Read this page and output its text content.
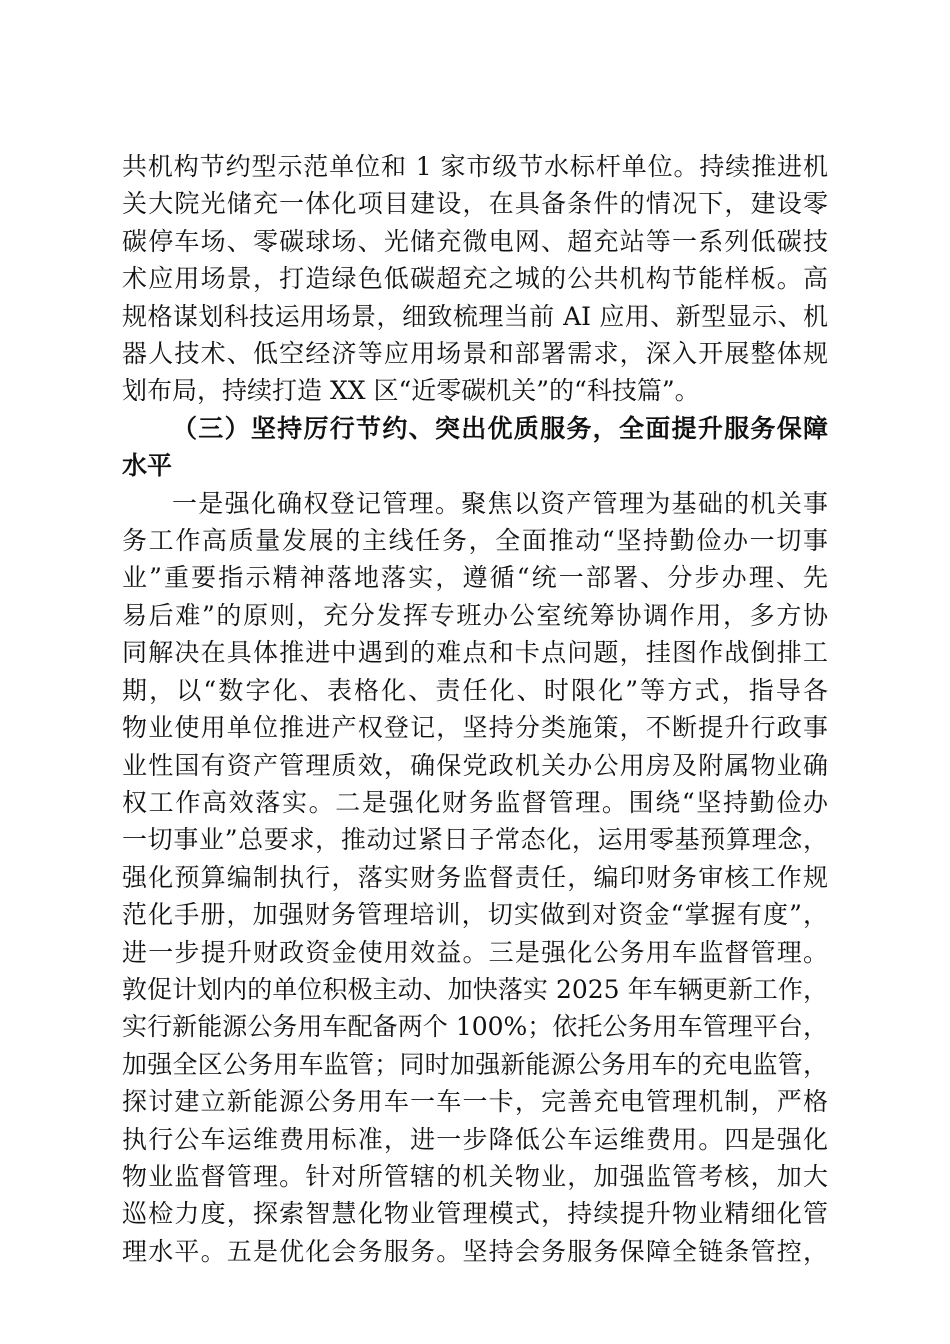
共机构节约型示范单位和 1 家市级节水标杆单位。持续推进机
关大院光储充一体化项目建设，在具备条件的情况下，建设零
碳停车场、零碳球场、光储充微电网、超充站等一系列低碳技
术应用场景，打造绿色低碳超充之城的公共机构节能样板。高
规格谋划科技运用场景，细致梳理当前 AI 应用、新型显示、机
器人技术、低空经济等应用场景和部署需求，深入开展整体规
划布局，持续打造 XX 区“近零碳机关”的“科技篇”。
（三）坚持厉行节约、突出优质服务，全面提升服务保障
水平
一是强化确权登记管理。聚焦以资产管理为基础的机关事
务工作高质量发展的主线任务，全面推动“坚持勤俭办一切事
业”重要指示精神落地落实，遵循“统一部署、分步办理、先
易后难”的原则，充分发挥专班办公室统筹协调作用，多方协
同解决在具体推进中遇到的难点和卡点问题，挂图作战倒排工
期，以“数字化、表格化、责任化、时限化”等方式，指导各
物业使用单位推进产权登记，坚持分类施策，不断提升行政事
业性国有资产管理质效，确保党政机关办公用房及附属物业确
权工作高效落实。二是强化财务监督管理。围绕“坚持勤俭办
一切事业”总要求，推动过紧日子常态化，运用零基预算理念，
强化预算编制执行，落实财务监督责任，编印财务审核工作规
范化手册，加强财务管理培训，切实做到对资金“掌握有度”，
进一步提升财政资金使用效益。三是强化公务用车监督管理。
敦促计划内的单位积极主动、加快落实 2025 年车辆更新工作，
实行新能源公务用车配备两个 100%；依托公务用车管理平台，
加强全区公务用车监管；同时加强新能源公务用车的充电监管，
探讨建立新能源公务用车一车一卡，完善充电管理机制，严格
执行公车运维费用标准，进一步降低公车运维费用。四是强化
物业监督管理。针对所管辖的机关物业，加强监管考核，加大
巡检力度，探索智慧化物业管理模式，持续提升物业精细化管
理水平。五是优化会务服务。坚持会务服务保障全链条管控，
